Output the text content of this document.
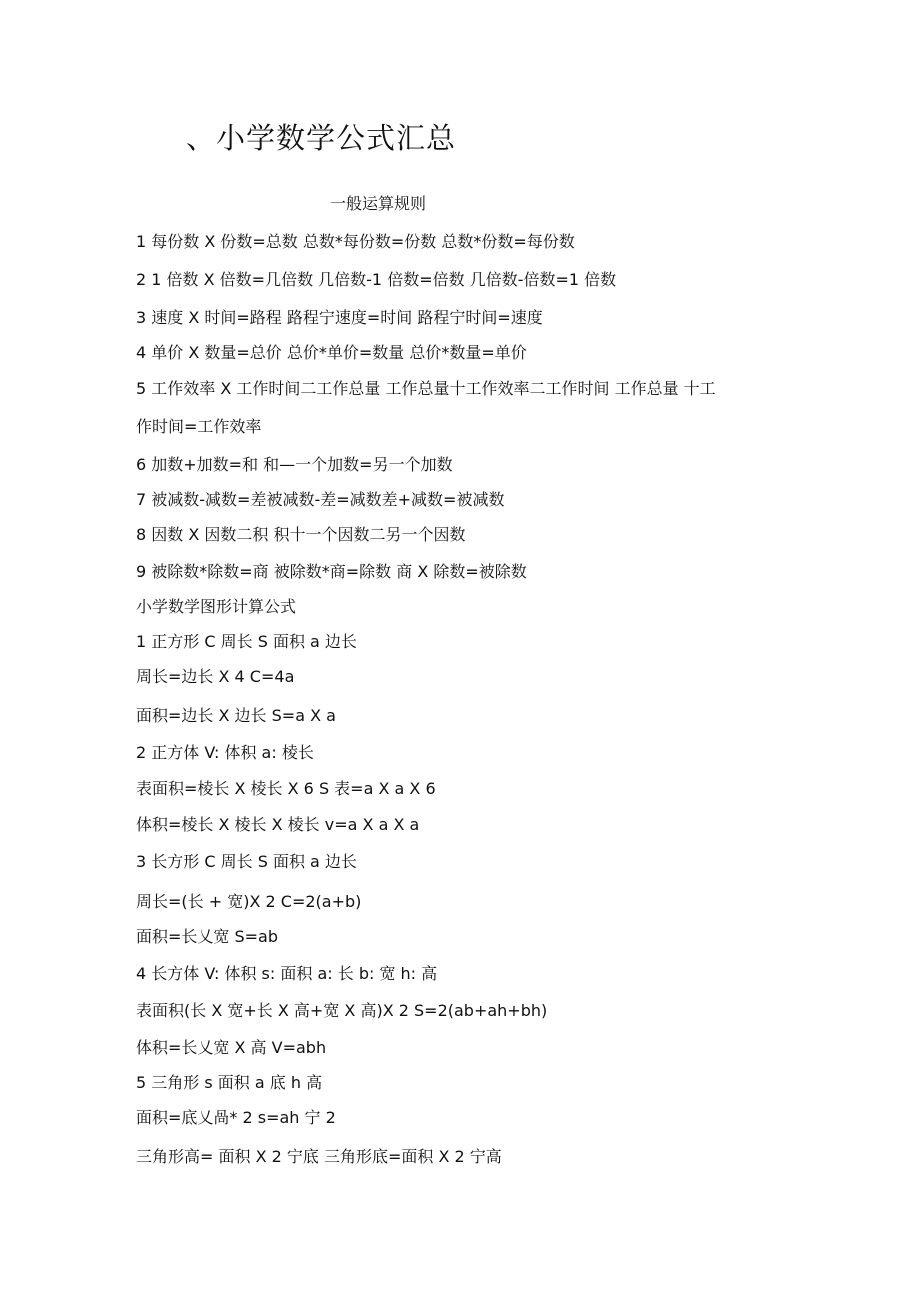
、小学数学公式汇总
一般运算规则
1 每份数 X 份数=总数 总数*每份数=份数 总数*份数=每份数
2 1 倍数 X 倍数=几倍数 几倍数-1 倍数=倍数 几倍数-倍数=1 倍数
3 速度 X 时间=路程 路程宁速度=时间 路程宁时间=速度
4 单价 X 数量=总价 总价*单价=数量 总价*数量=单价
5 工作效率 X 工作时间二工作总量 工作总量十工作效率二工作时间 工作总量 十工
作时间=工作效率
6 加数+加数=和 和—一个加数=另一个加数
7 被减数-减数=差被减数-差=减数差+减数=被减数
8 因数 X 因数二积 积十一个因数二另一个因数
9 被除数*除数=商 被除数*商=除数 商 X 除数=被除数
小学数学图形计算公式
1 正方形 C 周长 S 面积 a 边长
周长=边长 X 4 C=4a
面积=边长 X 边长 S=a X a
2 正方体 V: 体积 a: 棱长
表面积=棱长 X 棱长 X 6 S 表=a X a X 6
体积=棱长 X 棱长 X 棱长 v=a X a X a
3 长方形 C 周长 S 面积 a 边长
周长=(长 + 宽)X 2 C=2(a+b)
面积=长乂宽 S=ab
4 长方体 V: 体积 s: 面积 a: 长 b: 宽 h: 高
表面积(长 X 宽+长 X 高+宽 X 高)X 2 S=2(ab+ah+bh)
体积=长乂宽 X 高 V=abh
5 三角形 s 面积 a 底 h 高
面积=底乂咼* 2 s=ah 宁 2
三角形高= 面积 X 2 宁底 三角形底=面积 X 2 宁高
